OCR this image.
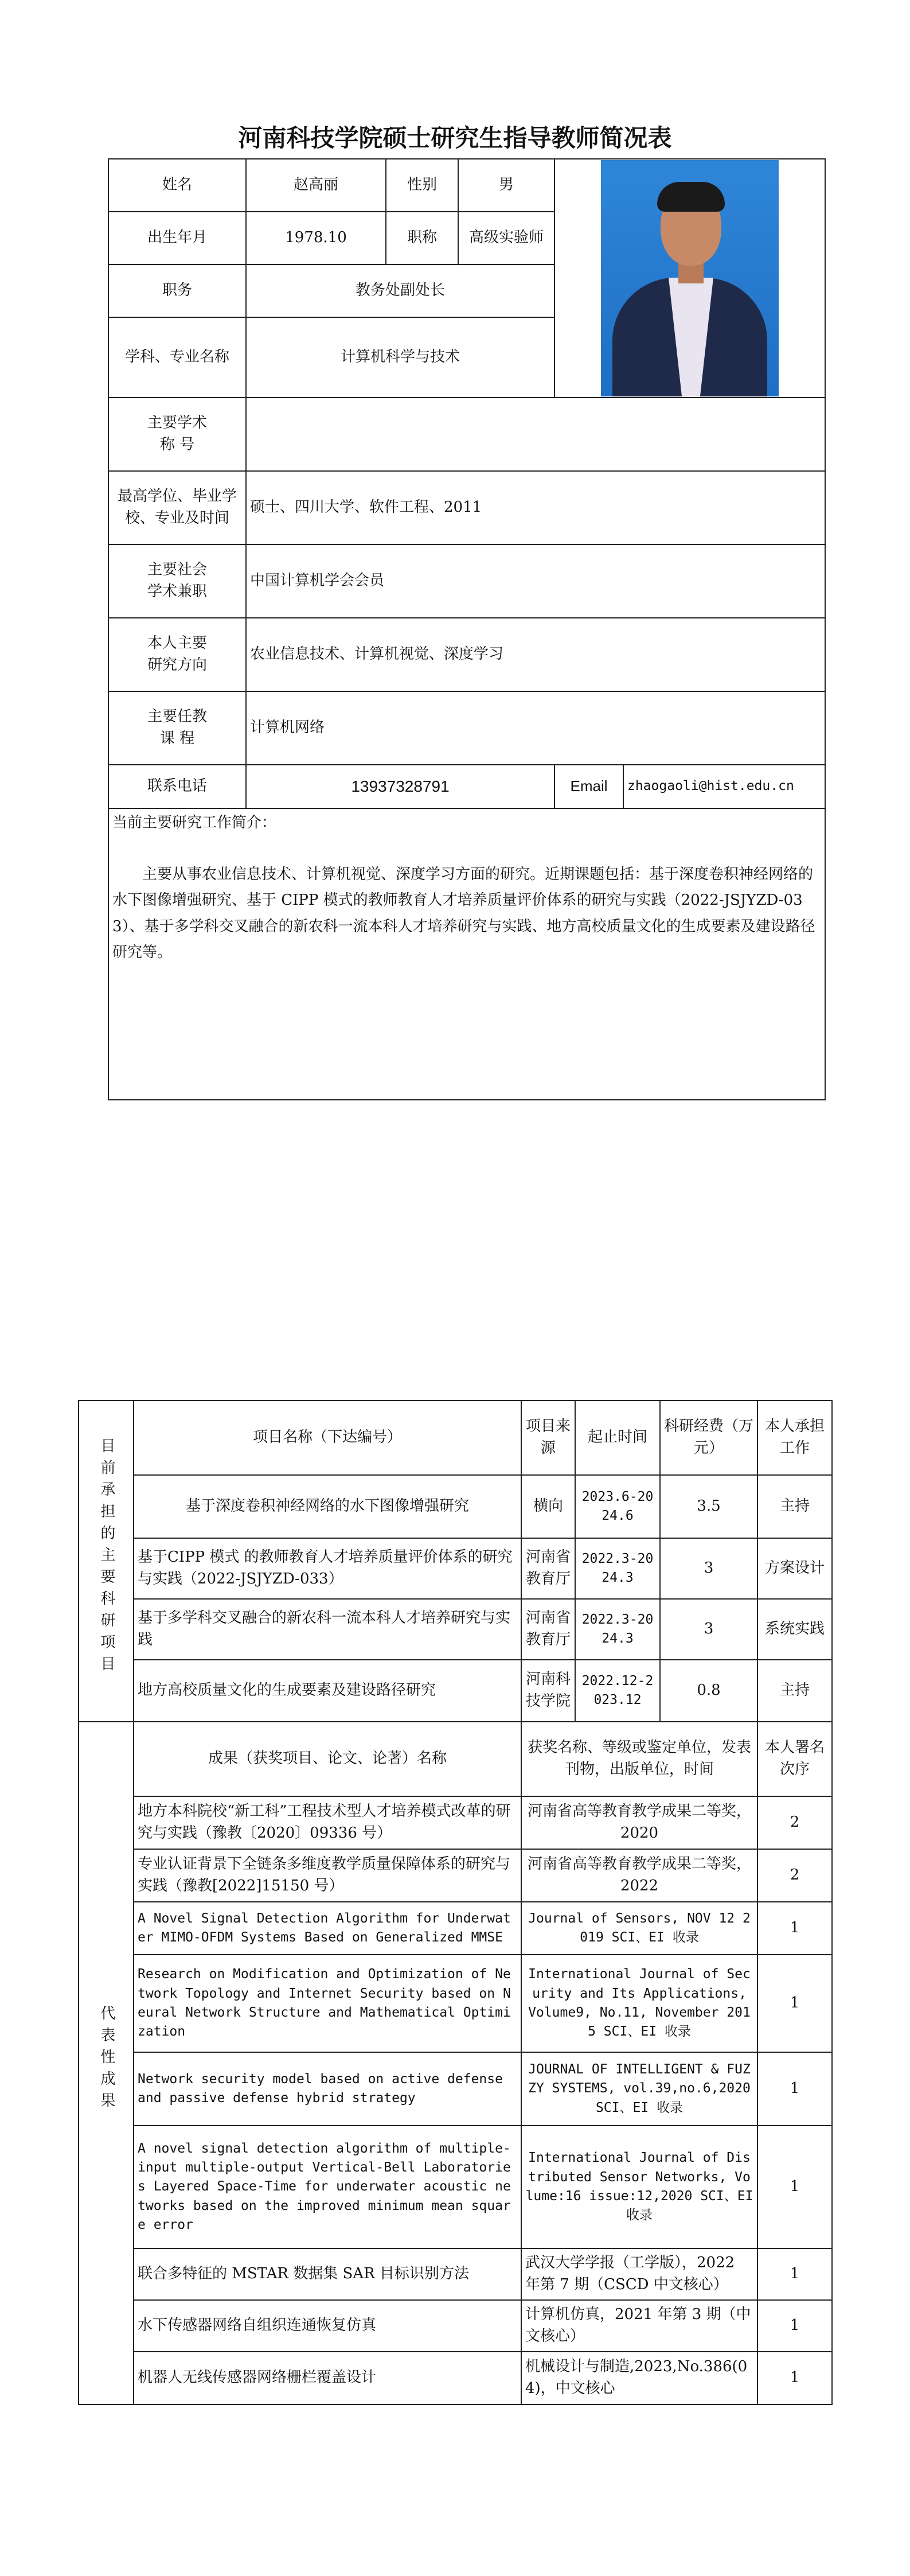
河南科技学院硕士研究生指导教师简况表
姓名	赵高丽	性别	男		

出生年月	1978.10	职称	高级实验师		
职务	教务处副处长				
学科、专业名称	计算机科学与技术				

主要学术
称 号					

最高学位、毕业学校、专业及时间	硕士、四川大学、软件工程、2011				

主要社会
学术兼职	中国计算机学会会员				

本人主要
研究方向	农业信息技术、计算机视觉、深度学习				

主要任教
课 程	计算机网络				
联系电话	13937328791			Email	zhaogaoli@hist.edu.cn

当前主要研究工作简介：
主要从事农业信息技术、计算机视觉、深度学习方面的研究。近期课题包括：基于深度卷积神经网络的水下图像增强研究、基于 CIPP 模式的教师教育人才培养质量评价体系的研究与实践（2022-JSJYZD-033）、基于多学科交叉融合的新农科一流本科人才培养研究与实践、地方高校质量文化的生成要素及建设路径研究等。					
目前承担的主要科研项目	项目名称（下达编号）	项目来源	起止时间	科研经费（万元）	本人承担工作
	基于深度卷积神经网络的水下图像增强研究	横向	2023.6-2024.6	3.5	主持
	基于CIPP 模式 的教师教育人才培养质量评价体系的研究与实践（2022-JSJYZD-033）	河南省教育厅	2022.3-2024.3	3	方案设计
	基于多学科交叉融合的新农科一流本科人才培养研究与实践	河南省教育厅	2022.3-2024.3	3	系统实践
	地方高校质量文化的生成要素及建设路径研究	河南科技学院	2022.12-2023.12	0.8	主持
代表性成果	成果（获奖项目、论文、论著）名称	获奖名称、等级或鉴定单位，发表刊物，出版单位，时间			本人署名次序
	地方本科院校“新工科”工程技术型人才培养模式改革的研究与实践（豫教〔2020〕09336 号）	河南省高等教育教学成果二等奖，2020			2
	专业认证背景下全链条多维度教学质量保障体系的研究与实践（豫教[2022]15150 号）	河南省高等教育教学成果二等奖，2022			2
	A Novel Signal Detection Algorithm for Underwater MIMO-OFDM Systems Based on Generalized MMSE	Journal of Sensors, NOV 12 2019 SCI、EI 收录			1
	Research on Modification and Optimization of Network Topology and Internet Security based on Neural Network Structure and Mathematical Optimization	International Journal of Security and Its Applications, Volume9, No.11, November 2015 SCI、EI 收录			1
	Network security model based on active defense and passive defense hybrid strategy	JOURNAL OF INTELLIGENT & FUZZY SYSTEMS, vol.39,no.6,2020 SCI、EI 收录			1
	A novel signal detection algorithm of multiple-input multiple-output Vertical-Bell Laboratories Layered Space-Time for underwater acoustic networks based on the improved minimum mean square error	International Journal of Distributed Sensor Networks, Volume:16 issue:12,2020 SCI、EI 收录			1
	联合多特征的 MSTAR 数据集 SAR 目标识别方法	武汉大学学报（工学版），2022 年第 7 期（CSCD 中文核心）			1
	水下传感器网络自组织连通恢复仿真	计算机仿真，2021 年第 3 期（中文核心）			1
	机器人无线传感器网络栅栏覆盖设计	机械设计与制造,2023,No.386(04)，中文核心			1
